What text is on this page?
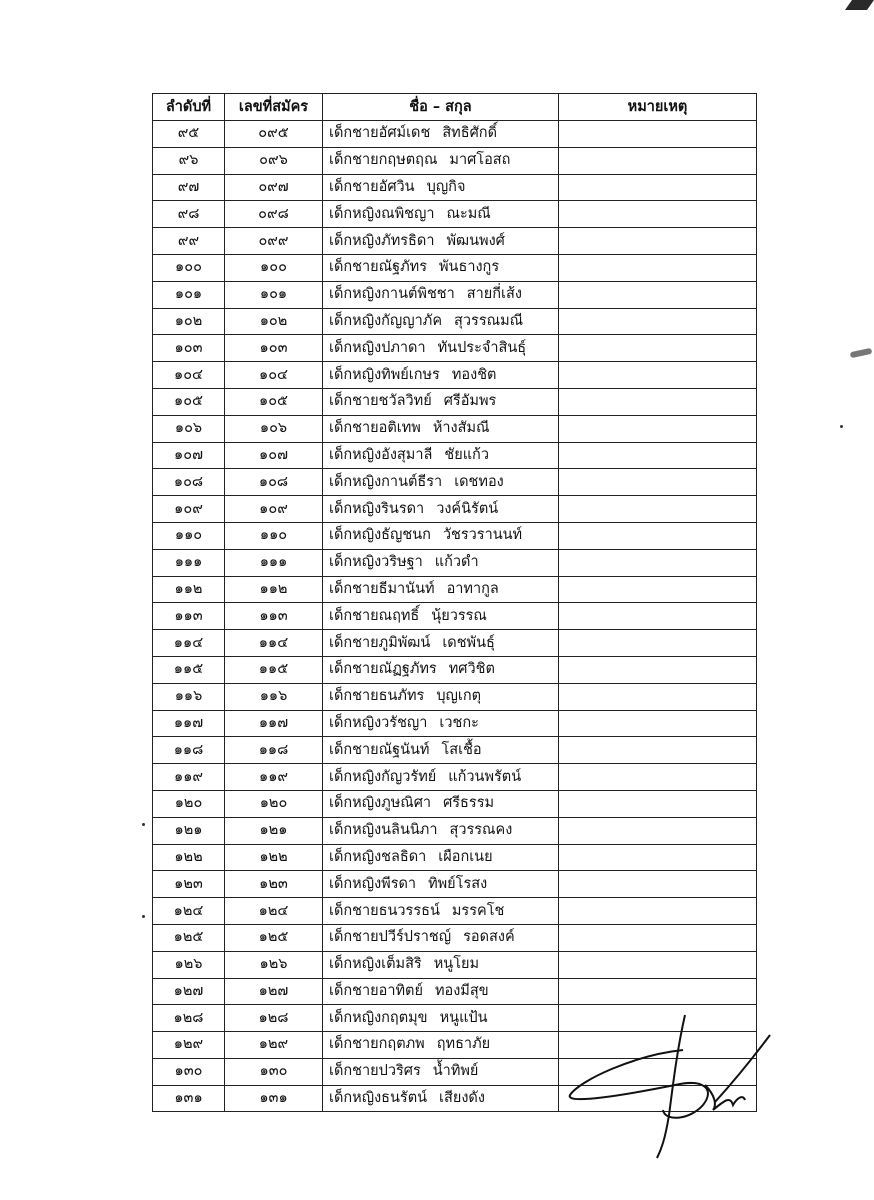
ลำดับที่	เลขที่สมัคร	ชื่อ – สกุล	หมายเหตุ
๙๕	๐๙๕	เด็กชายอัศม์เดช สิทธิศักดิ์	
๙๖	๐๙๖	เด็กชายกฤษตฤณ มาศโอสถ	
๙๗	๐๙๗	เด็กชายอัศวิน บุญกิจ	
๙๘	๐๙๘	เด็กหญิงณพิชญา ณะมณี	
๙๙	๐๙๙	เด็กหญิงภัทรธิดา พัฒนพงศ์	
๑๐๐	๑๐๐	เด็กชายณัฐภัทร พันธางกูร	
๑๐๑	๑๐๑	เด็กหญิงกานต์พิชชา สายกี่เส้ง	
๑๐๒	๑๐๒	เด็กหญิงกัญญาภัค สุวรรณมณี	
๑๐๓	๑๐๓	เด็กหญิงปภาดา ทันประจำสินธุ์	
๑๐๔	๑๐๔	เด็กหญิงทิพย์เกษร ทองชิต	
๑๐๕	๑๐๕	เด็กชายชวัลวิทย์ ศรีอัมพร	
๑๐๖	๑๐๖	เด็กชายอติเทพ ห้างสัมณี	
๑๐๗	๑๐๗	เด็กหญิงอังสุมาลี ชัยแก้ว	
๑๐๘	๑๐๘	เด็กหญิงกานต์ธีรา เดชทอง	
๑๐๙	๑๐๙	เด็กหญิงรินรดา วงค์นิรัตน์	
๑๑๐	๑๑๐	เด็กหญิงธัญชนก วัชรวรานนท์	
๑๑๑	๑๑๑	เด็กหญิงวริษฐา แก้วดำ	
๑๑๒	๑๑๒	เด็กชายธีมานันท์ อาทากูล	
๑๑๓	๑๑๓	เด็กชายณฤทธิ์ นุ้ยวรรณ	
๑๑๔	๑๑๔	เด็กชายภูมิพัฒน์ เดชพันธุ์	
๑๑๕	๑๑๕	เด็กชายณัฏฐภัทร ทศวิชิต	
๑๑๖	๑๑๖	เด็กชายธนภัทร บุญเกตุ	
๑๑๗	๑๑๗	เด็กหญิงวรัชญา เวชกะ	
๑๑๘	๑๑๘	เด็กชายณัฐนันท์ โสเชื้อ	
๑๑๙	๑๑๙	เด็กหญิงกัญวรัทย์ แก้วนพรัตน์	
๑๒๐	๑๒๐	เด็กหญิงภูษณิศา ศรีธรรม	
๑๒๑	๑๒๑	เด็กหญิงนลินนิภา สุวรรณคง	
๑๒๒	๑๒๒	เด็กหญิงชลธิดา เผือกเนย	
๑๒๓	๑๒๓	เด็กหญิงพีรดา ทิพย์โรสง	
๑๒๔	๑๒๔	เด็กชายธนวรรธน์ มรรคโช	
๑๒๕	๑๒๕	เด็กชายปวีร์ปราชญ์ รอดสงค์	
๑๒๖	๑๒๖	เด็กหญิงเต็มสิริ หนูโยม	
๑๒๗	๑๒๗	เด็กชายอาทิตย์ ทองมีสุข	
๑๒๘	๑๒๘	เด็กหญิงกฤตมุข หนูแป้น	
๑๒๙	๑๒๙	เด็กชายกฤตภพ ฤทธาภัย	
๑๓๐	๑๓๐	เด็กชายปวริศร น้ำทิพย์	
๑๓๑	๑๓๑	เด็กหญิงธนรัตน์ เสียงดัง	
